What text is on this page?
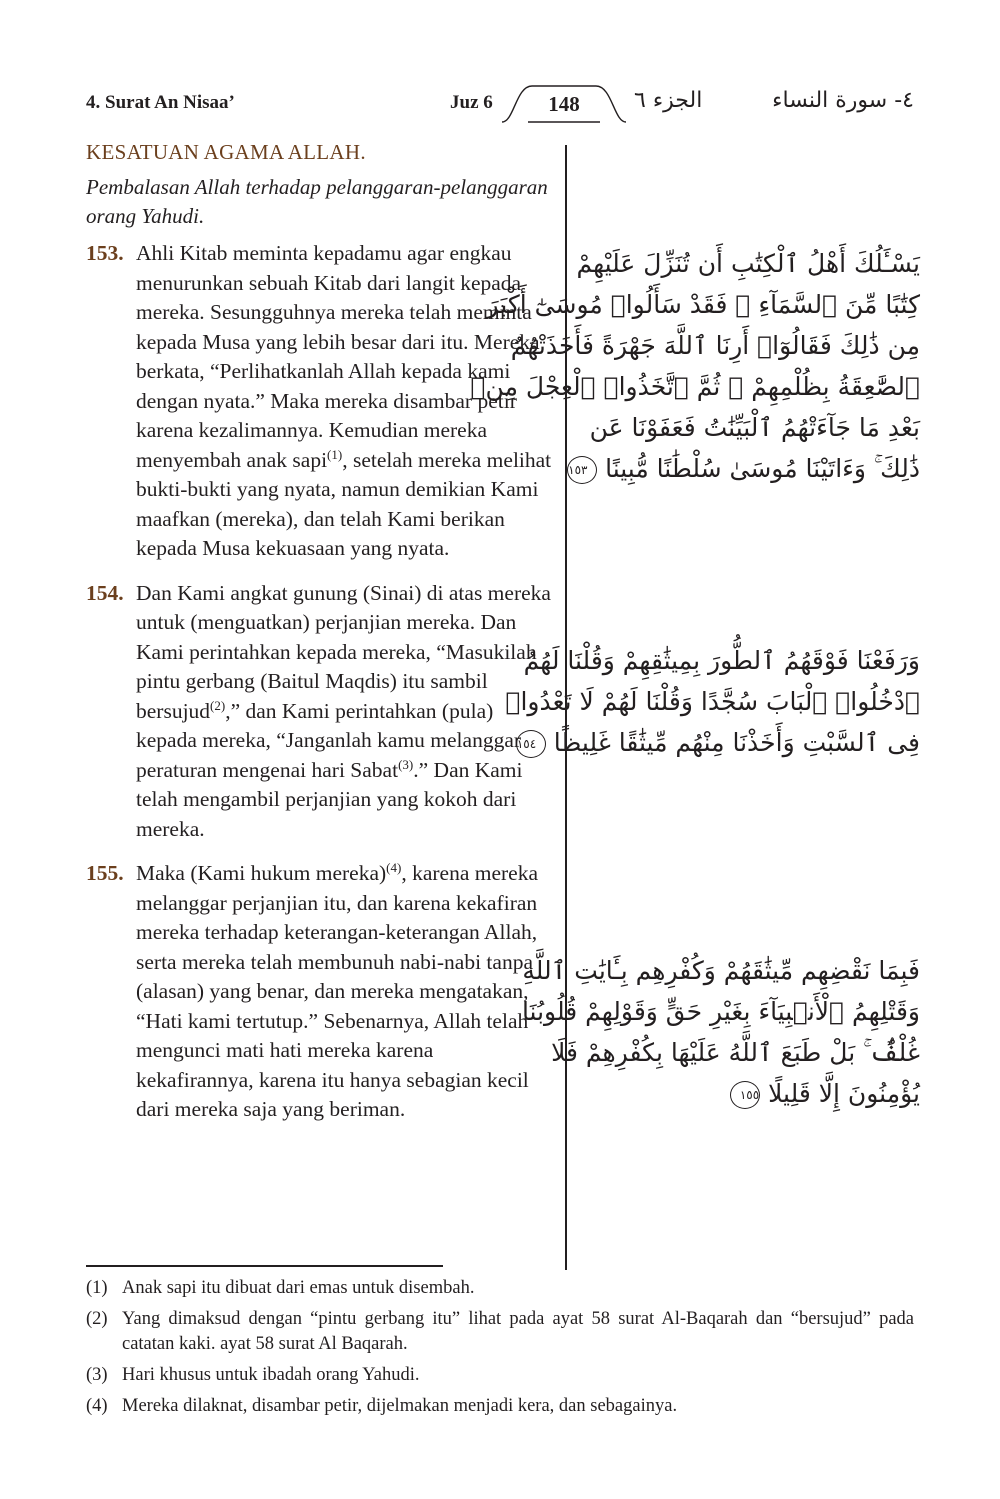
4. Surat An Nisaa’	Juz 6	148	الجزء ٦	٤- سورة النساء
KESATUAN AGAMA ALLAH.
Pembalasan Allah terhadap pelanggaran-pelanggaran orang Yahudi.
153. Ahli Kitab meminta kepadamu agar engkau menurunkan sebuah Kitab dari langit kepada mereka. Sesungguhnya mereka telah meminta kepada Musa yang lebih besar dari itu. Mereka berkata, “Perlihatkanlah Allah kepada kami dengan nyata.” Maka mereka disambar petir karena kezalimannya. Kemudian mereka menyembah anak sapi$^{(1)}$, setelah mereka melihat bukti-bukti yang nyata, namun demikian Kami maafkan (mereka), dan telah Kami berikan kepada Musa kekuasaan yang nyata.
154. Dan Kami angkat gunung (Sinai) di atas mereka untuk (menguatkan) perjanjian mereka. Dan Kami perintahkan kepada mereka, “Masukilah pintu gerbang (Baitul Maqdis) itu sambil bersujud$^{(2)}$,” dan Kami perintahkan (pula) kepada mereka, “Janganlah kamu melanggar peraturan mengenai hari Sabat$^{(3)}$.” Dan Kami telah mengambil perjanjian yang kokoh dari mereka.
155. Maka (Kami hukum mereka)$^{(4)}$, karena mereka melanggar perjanjian itu, dan karena kekafiran mereka terhadap keterangan-keterangan Allah, serta mereka telah membunuh nabi-nabi tanpa (alasan) yang benar, dan mereka mengatakan, “Hati kami tertutup.” Sebenarnya, Allah telah mengunci mati hati mereka karena kekafirannya, karena itu hanya sebagian kecil dari mereka saja yang beriman.
يَسْـَٔلُكَ أَهْلُ ٱلْكِتَٰبِ أَن تُنَزِّلَ عَلَيْهِمْ
كِتَٰبًا مِّنَ ٱلسَّمَآءِ ۚ فَقَدْ سَأَلُوا۟ مُوسَىٰٓ أَكْبَرَ
مِن ذَٰلِكَ فَقَالُوٓا۟ أَرِنَا ٱللَّهَ جَهْرَةً فَأَخَذَتْهُمُ
ٱلصَّٰعِقَةُ بِظُلْمِهِمْ ۚ ثُمَّ ٱتَّخَذُوا۟ ٱلْعِجْلَ مِنۢ
بَعْدِ مَا جَآءَتْهُمُ ٱلْبَيِّنَٰتُ فَعَفَوْنَا عَن
ذَٰلِكَ ۚ وَءَاتَيْنَا مُوسَىٰ سُلْطَٰنًا مُّبِينًا ١٥٣
وَرَفَعْنَا فَوْقَهُمُ ٱلطُّورَ بِمِيثَٰقِهِمْ وَقُلْنَا لَهُمُ
ٱدْخُلُوا۟ ٱلْبَابَ سُجَّدًا وَقُلْنَا لَهُمْ لَا تَعْدُوا۟
فِى ٱلسَّبْتِ وَأَخَذْنَا مِنْهُم مِّيثَٰقًا غَلِيظًا ١٥٤
فَبِمَا نَقْضِهِم مِّيثَٰقَهُمْ وَكُفْرِهِم بِـَٔايَٰتِ ٱللَّهِ
وَقَتْلِهِمُ ٱلْأَنۢبِيَآءَ بِغَيْرِ حَقٍّ وَقَوْلِهِمْ قُلُوبُنَا
غُلْفٌۢ ۚ بَلْ طَبَعَ ٱللَّهُ عَلَيْهَا بِكُفْرِهِمْ فَلَا
يُؤْمِنُونَ إِلَّا قَلِيلًا ١٥٥
(1) Anak sapi itu dibuat dari emas untuk disembah.
(2) Yang dimaksud dengan “pintu gerbang itu” lihat pada ayat 58 surat Al-Baqarah dan “bersujud” pada catatan kaki. ayat 58 surat Al Baqarah.
(3) Hari khusus untuk ibadah orang Yahudi.
(4) Mereka dilaknat, disambar petir, dijelmakan menjadi kera, dan sebagainya.
